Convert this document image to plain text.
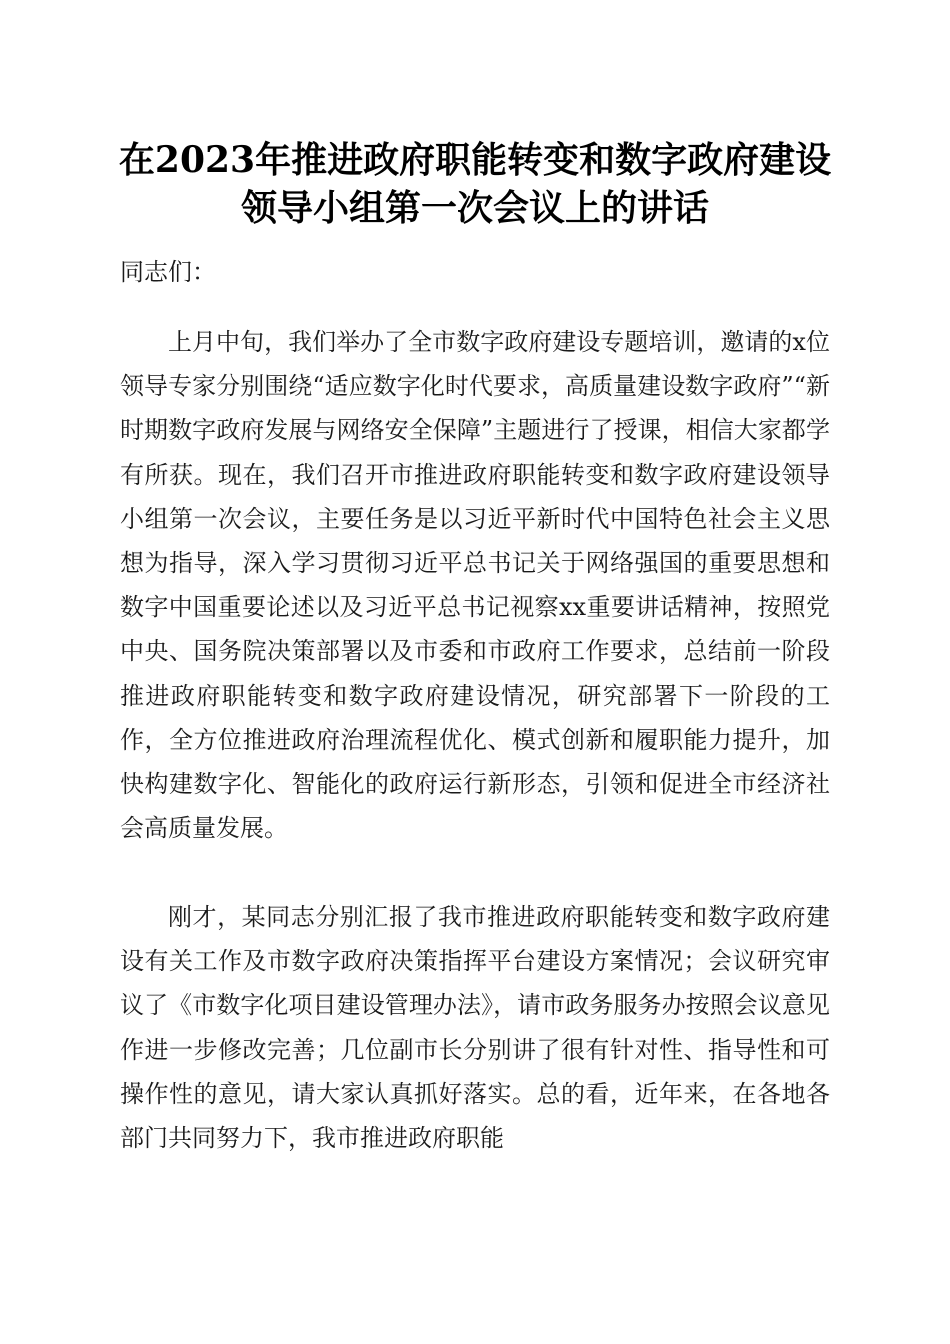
在2023年推进政府职能转变和数字政府建设
领导小组第一次会议上的讲话
同志们：

上月中旬，我们举办了全市数字政府建设专题培训，邀请的x位领导专家分别围绕“适应数字化时代要求，高质量建设数字政府”“新时期数字政府发展与网络安全保障”主题进行了授课，相信大家都学有所获。现在，我们召开市推进政府职能转变和数字政府建设领导小组第一次会议，主要任务是以习近平新时代中国特色社会主义思想为指导，深入学习贯彻习近平总书记关于网络强国的重要思想和数字中国重要论述以及习近平总书记视察xx重要讲话精神，按照党中央、国务院决策部署以及市委和市政府工作要求，总结前一阶段推进政府职能转变和数字政府建设情况，研究部署下一阶段的工作，全方位推进政府治理流程优化、模式创新和履职能力提升，加快构建数字化、智能化的政府运行新形态，引领和促进全市经济社会高质量发展。

刚才，某同志分别汇报了我市推进政府职能转变和数字政府建设有关工作及市数字政府决策指挥平台建设方案情况；会议研究审议了《市数字化项目建设管理办法》，请市政务服务办按照会议意见作进一步修改完善；几位副市长分别讲了很有针对性、指导性和可操作性的意见，请大家认真抓好落实。总的看，近年来，在各地各部门共同努力下，我市推进政府职能
